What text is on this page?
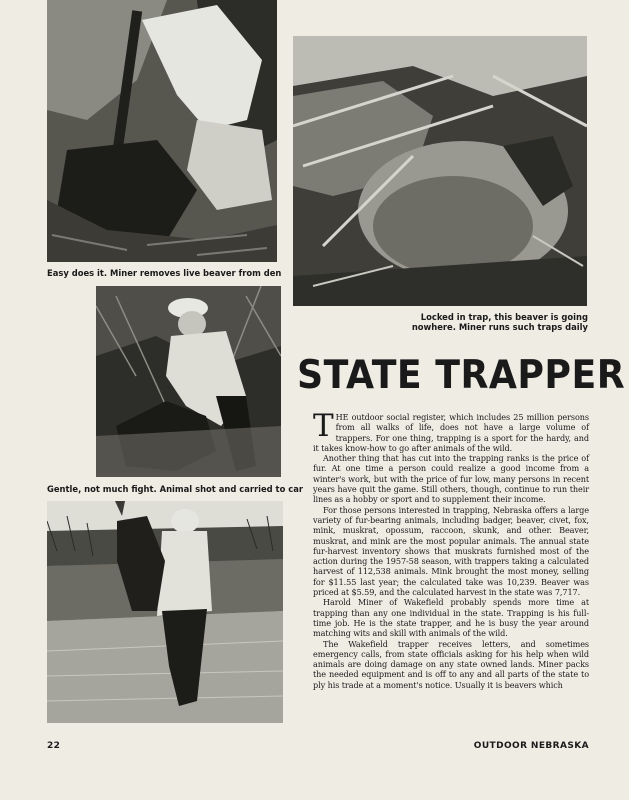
Easy does it. Miner removes live beaver from den
Locked in trap, this beaver is going
nowhere. Miner runs such traps daily
Gentle, not much fight. Animal shot and carried to car
STATE TRAPPER

THE outdoor social register, which includes 25 million persons from all walks of life, does not have a large volume of trappers. For one thing, trapping is a sport for the hardy, and it takes know-how to go after animals of the wild.

Another thing that has cut into the trapping ranks is the price of fur. At one time a person could realize a good income from a winter's work, but with the price of fur low, many persons in recent years have quit the game. Still others, though, continue to run their lines as a hobby or sport and to supplement their income.

For those persons interested in trapping, Nebraska offers a large variety of fur-bearing animals, including badger, beaver, civet, fox, mink, muskrat, opossum, raccoon, skunk, and other. Beaver, muskrat, and mink are the most popular animals. The annual state fur-harvest inventory shows that muskrats furnished most of the action during the 1957-58 season, with trappers taking a calculated harvest of 112,538 animals. Mink brought the most money, selling for $11.55 last year; the calculated take was 10,239. Beaver was priced at $5.59, and the calculated harvest in the state was 7,717.

Harold Miner of Wakefield probably spends more time at trapping than any one individual in the state. Trapping is his full-time job. He is the state trapper, and he is busy the year around matching wits and skill with animals of the wild.

The Wakefield trapper receives letters, and sometimes emergency calls, from state officials asking for his help when wild animals are doing damage on any state owned lands. Miner packs the needed equipment and is off to any and all parts of the state to ply his trade at a moment's notice. Usually it is beavers which

22	OUTDOOR NEBRASKA
